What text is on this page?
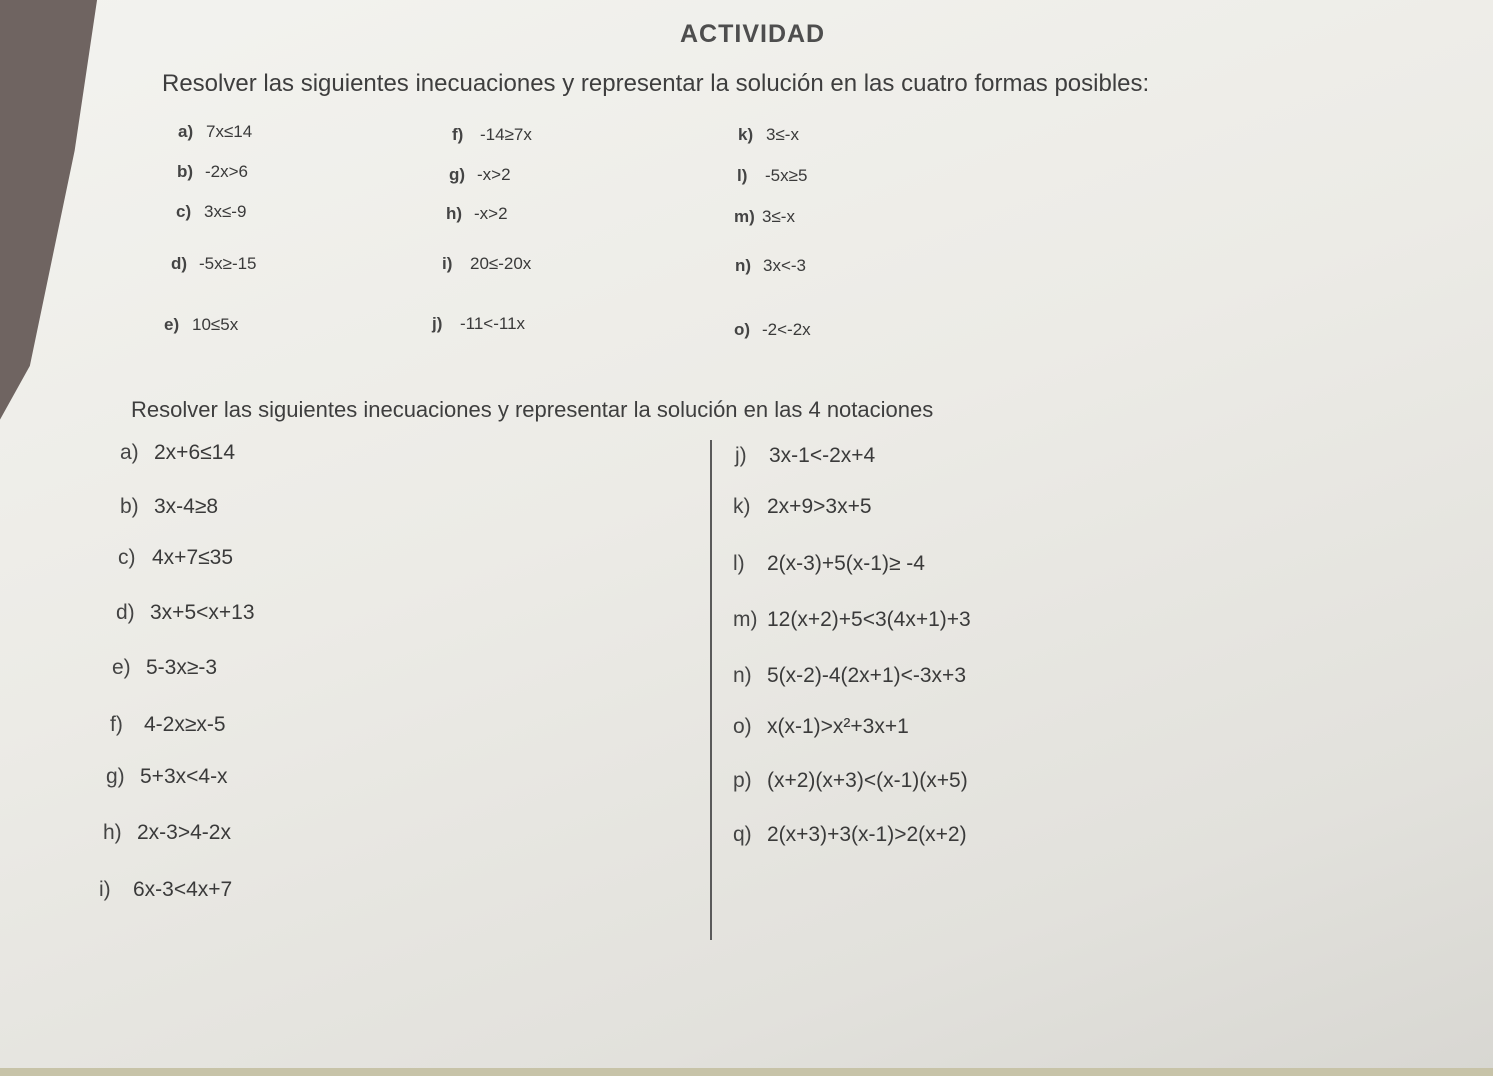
ACTIVIDAD
Resolver las siguientes inecuaciones y representar la solución en las cuatro formas posibles:
a) 7x≤14
b) -2x>6
c) 3x≤-9
d) -5x≥-15
e) 10≤5x
f) -14≥7x
g) -x>2
h) -x>2
i) 20≤-20x
j) -11<-11x
k) 3≤-x
l) -5x≥5
m) 3≤-x
n) 3x<-3
o) -2<-2x
Resolver las siguientes inecuaciones y representar la solución en las 4 notaciones
a) 2x+6≤14
b) 3x-4≥8
c) 4x+7≤35
d) 3x+5<x+13
e) 5-3x≥-3
f) 4-2x≥x-5
g) 5+3x<4-x
h) 2x-3>4-2x
i) 6x-3<4x+7
j) 3x-1<-2x+4
k) 2x+9>3x+5
l) 2(x-3)+5(x-1)≥ -4
m) 12(x+2)+5<3(4x+1)+3
n) 5(x-2)-4(2x+1)<-3x+3
o) x(x-1)>x²+3x+1
p) (x+2)(x+3)<(x-1)(x+5)
q) 2(x+3)+3(x-1)>2(x+2)
